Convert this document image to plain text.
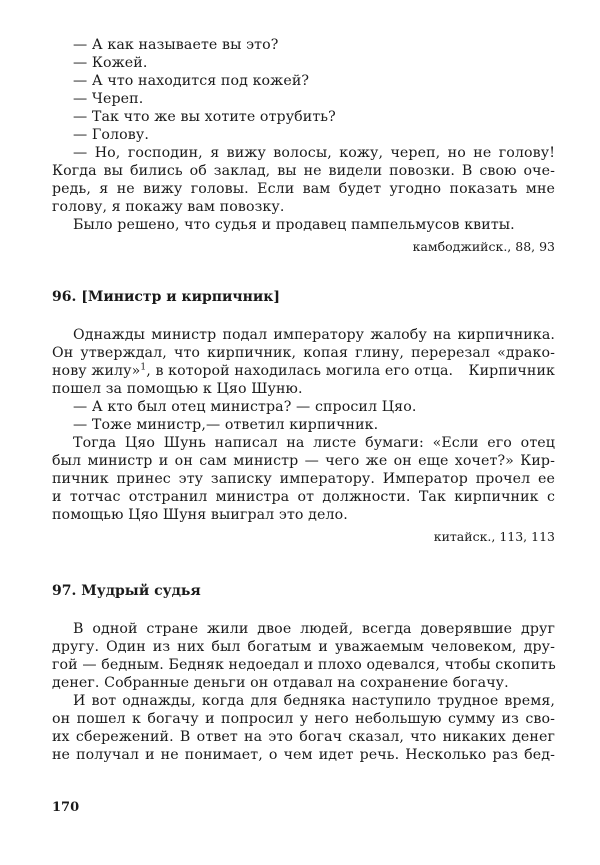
— А как называете вы это?
— Кожей.
— А что находится под кожей?
— Череп.
— Так что же вы хотите отрубить?
— Голову.
— Но, господин, я вижу волосы, кожу, череп, но не голову!
Когда вы бились об заклад, вы не видели повозки. В свою оче-
редь, я не вижу головы. Если вам будет угодно показать мне
голову, я покажу вам повозку.
Было решено, что судья и продавец пампельмусов квиты.
камбоджийск., 88, 93
96. [Министр и кирпичник]
Однажды министр подал императору жалобу на кирпичника.
Он утверждал, что кирпичник, копая глину, перерезал «драко-
нову жилу»$^1$, в которой находилась могила его отца. Кирпичник
пошел за помощью к Цяо Шуню.
— А кто был отец министра? — спросил Цяо.
— Тоже министр,— ответил кирпичник.
Тогда Цяо Шунь написал на листе бумаги: «Если его отец
был министр и он сам министр — чего же он еще хочет?» Кир-
пичник принес эту записку императору. Император прочел ее
и тотчас отстранил министра от должности. Так кирпичник с
помощью Цяо Шуня выиграл это дело.
китайск., 113, 113
97. Мудрый судья
В одной стране жили двое людей, всегда доверявшие друг
другу. Один из них был богатым и уважаемым человеком, дру-
гой — бедным. Бедняк недоедал и плохо одевался, чтобы скопить
денег. Собранные деньги он отдавал на сохранение богачу.
И вот однажды, когда для бедняка наступило трудное время,
он пошел к богачу и попросил у него небольшую сумму из сво-
их сбережений. В ответ на это богач сказал, что никаких денег
не получал и не понимает, о чем идет речь. Несколько раз бед-
170
